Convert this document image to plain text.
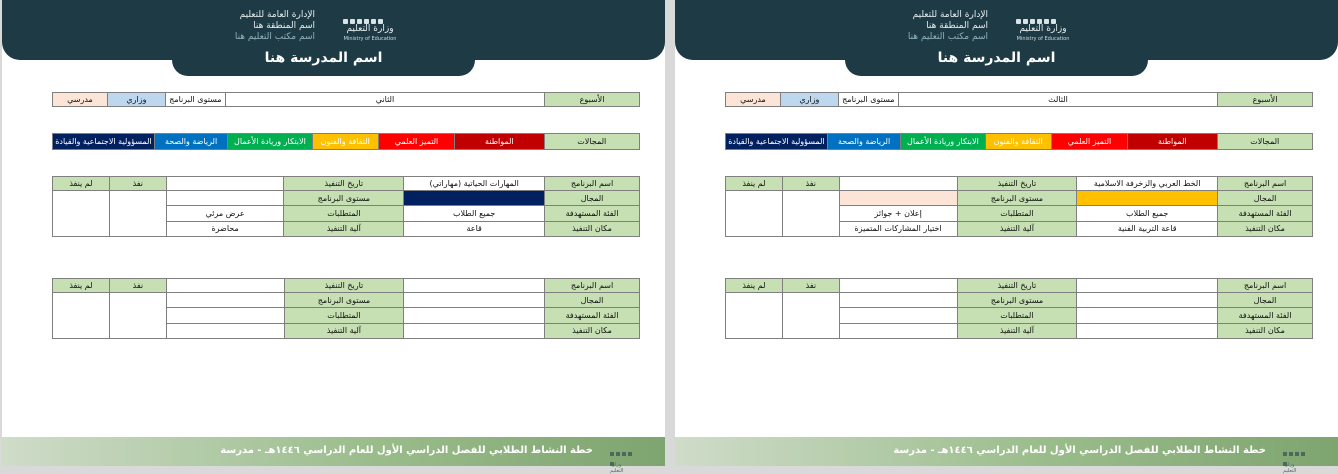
وزارة التعليم
Ministry of Education
الإدارة العامة للتعليم
اسم المنطقة هنا
اسم مكتب التعليم هنا
اسم المدرسة هنا
مدرسي	وزاري	مستوى البرنامج	الثاني	الأسبوع
المسؤولية الاجتماعية والقيادة	الرياضة والصحة	الابتكار وريادة الأعمال	الثقافة والفنون	التميز العلمي	المواطنة	المجالات
لم ينفذ	نفذ		تاريخ التنفيذ	المهارات الحياتية (مهاراتي)	اسم البرنامج
			مستوى البرنامج		المجال
		عرض مرئي	المتطلبات	جميع الطلاب	الفئة المستهدفة
		محاضرة	آلية التنفيذ	قاعة	مكان التنفيذ
لم ينفذ	نفذ		تاريخ التنفيذ		اسم البرنامج
			مستوى البرنامج		المجال
			المتطلبات		الفئة المستهدفة
			آلية التنفيذ		مكان التنفيذ
خطة النشاط الطلابي للفصل الدراسي الأول للعام الدراسي ١٤٤٦هـ - مدرسة
وزارة التعليم
وزارة التعليم
Ministry of Education
الإدارة العامة للتعليم
اسم المنطقة هنا
اسم مكتب التعليم هنا
اسم المدرسة هنا
مدرسي	وزاري	مستوى البرنامج	الثالث	الأسبوع
المسؤولية الاجتماعية والقيادة	الرياضة والصحة	الابتكار وريادة الأعمال	الثقافة والفنون	التميز العلمي	المواطنة	المجالات
لم ينفذ	نفذ		تاريخ التنفيذ	الخط العربي والزخرفة الاسلامية	اسم البرنامج
			مستوى البرنامج		المجال
		إعلان + جوائز	المتطلبات	جميع الطلاب	الفئة المستهدفة
		اختيار المشاركات المتميزة	آلية التنفيذ	قاعة التربية الفنية	مكان التنفيذ
لم ينفذ	نفذ		تاريخ التنفيذ		اسم البرنامج
			مستوى البرنامج		المجال
			المتطلبات		الفئة المستهدفة
			آلية التنفيذ		مكان التنفيذ
خطة النشاط الطلابي للفصل الدراسي الأول للعام الدراسي ١٤٤٦هـ - مدرسة
وزارة التعليم
